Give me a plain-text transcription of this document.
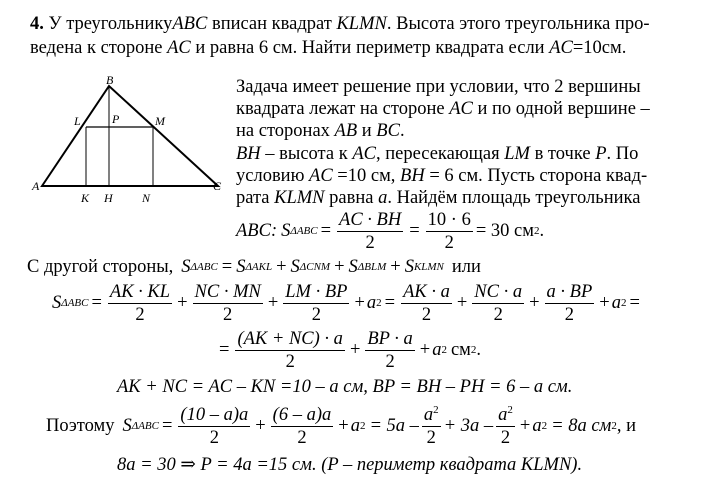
4. У треугольникуABC вписан квадрат KLMN. Высота этого треугольника про-
ведена к стороне AC и равна 6 см. Найти периметр квадрата если AC=10см.
B
L	P	M
A
K H N
C
Задача имеет решение при условии, что 2 вершины
квадрата лежат на стороне AC и по одной вершине –
на сторонах AB и BC.
BH – высота к AC, пересекающая LM в точке P. По
условию AC =10 см, BH = 6 см. Пусть сторона квад-
рата KLMN равна a. Найдём площадь треугольника
ABC: S $\Delta ABC = \frac{AC \cdot BH}{2} = \frac{10 \cdot 6}{2} = 30$ см 2 .
С другой стороны, S ΔABC = S ΔAKL + S ΔCNM + S ΔBLM + S KLMN или
S $\Delta ABC = \frac{AK \cdot KL}{2} + \frac{NC \cdot MN}{2} + \frac{LM \cdot BP}{2} + a$ $2 = \frac{AK \cdot a}{2} + \frac{NC \cdot a}{2} + \frac{a \cdot BP}{2} + a$ 2 =
= $\frac{(AK + NC) \cdot a}{2} + \frac{BP \cdot a}{2} + a$ 2 см 2 .
AK + NC = AC – KN =10 – a см, BP = BH – PH = 6 – a см.
Поэтому S $\Delta ABC = \frac{(10 - a)a}{2} + \frac{(6 - a)a}{2} + a$ $2 = 5a - \frac{a^2}{2} + 3a - \frac{a^2}{2} + a$ 2 = 8a см 2 , и
8a = 30 ⇒ P = 4a =15 см. (P – периметр квадрата KLMN).
